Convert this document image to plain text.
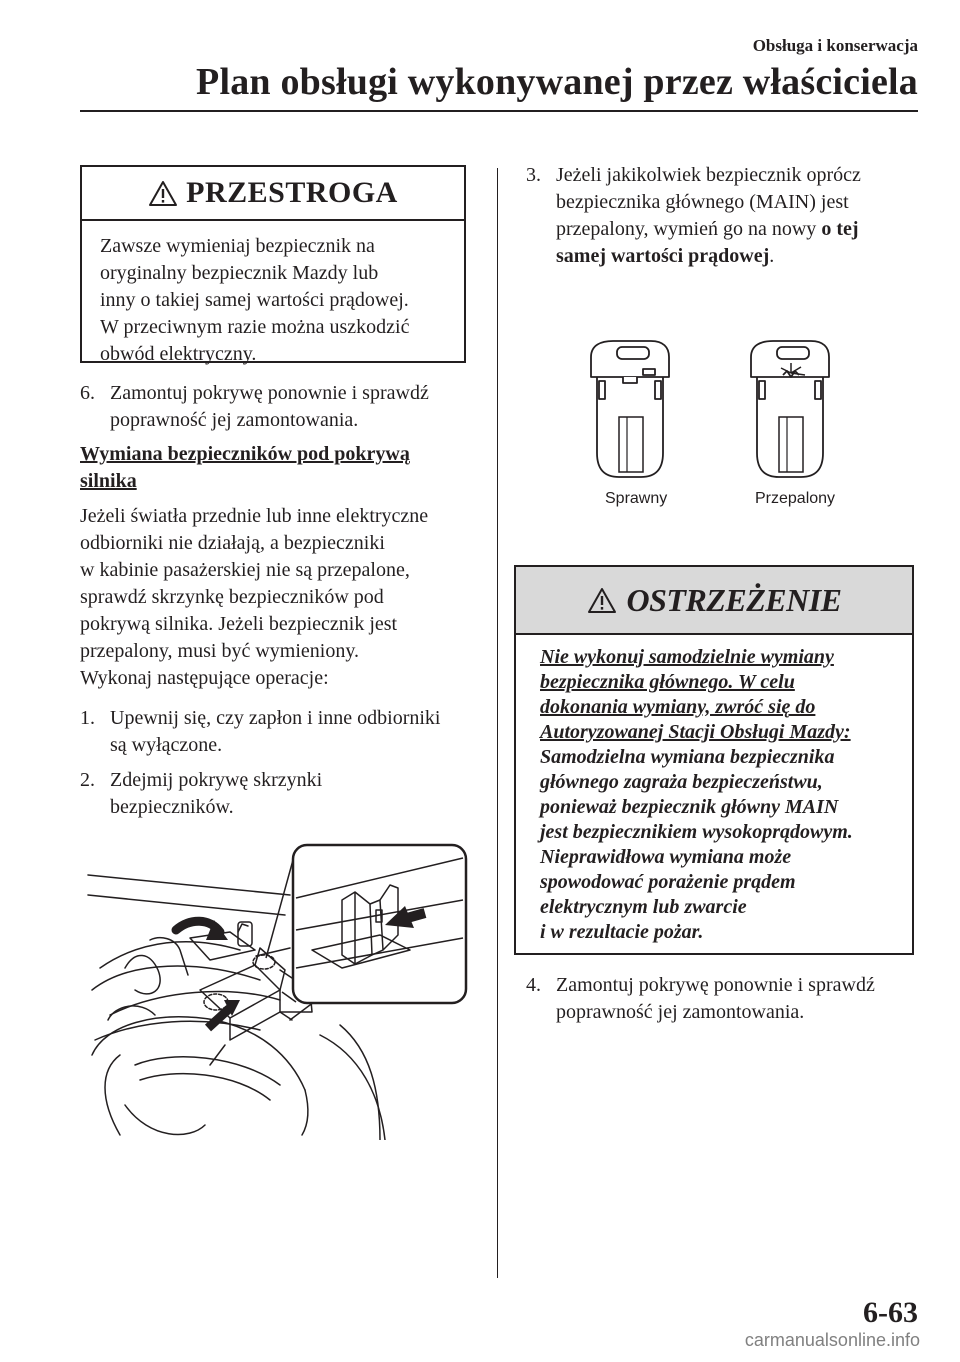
Obsługa i konserwacja
Plan obsługi wykonywanej przez właściciela
PRZESTROGA
Zawsze wymieniaj bezpiecznik na
oryginalny bezpiecznik Mazdy lub
inny o takiej samej wartości prądowej.
W przeciwnym razie można uszkodzić
obwód elektryczny.
6. Zamontuj pokrywę ponownie i sprawdź
poprawność jej zamontowania.
Wymiana bezpieczników pod pokrywą
silnika
Jeżeli światła przednie lub inne elektryczne
odbiorniki nie działają, a bezpieczniki
w kabinie pasażerskiej nie są przepalone,
sprawdź skrzynkę bezpieczników pod
pokrywą silnika. Jeżeli bezpiecznik jest
przepalony, musi być wymieniony.
Wykonaj następujące operacje:
1. Upewnij się, czy zapłon i inne odbiorniki
są wyłączone.
2. Zdejmij pokrywę skrzynki
bezpieczników.
3. Jeżeli jakikolwiek bezpiecznik oprócz
bezpiecznika głównego (MAIN) jest
przepalony, wymień go na nowy o tej
samej wartości prądowej.
Sprawny	Przepalony
OSTRZEŻENIE
Nie wykonuj samodzielnie wymiany
bezpiecznika głównego. W celu
dokonania wymiany, zwróć się do
Autoryzowanej Stacji Obsługi Mazdy:
Samodzielna wymiana bezpiecznika
głównego zagraża bezpieczeństwu,
ponieważ bezpiecznik główny MAIN
jest bezpiecznikiem wysokoprądowym.
Nieprawidłowa wymiana może
spowodować porażenie prądem
elektrycznym lub zwarcie
i w rezultacie pożar.
4. Zamontuj pokrywę ponownie i sprawdź
poprawność jej zamontowania.
6-63
carmanualsonline.info
